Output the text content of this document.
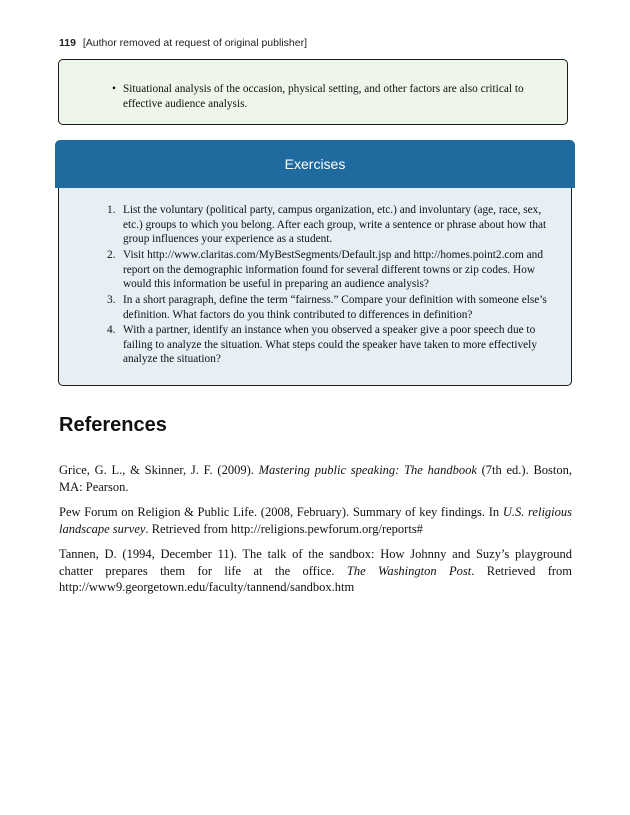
119 [Author removed at request of original publisher]
• Situational analysis of the occasion, physical setting, and other factors are also critical to effective audience analysis.
Exercises
1. List the voluntary (political party, campus organization, etc.) and involuntary (age, race, sex, etc.) groups to which you belong. After each group, write a sentence or phrase about how that group influences your experience as a student.
2. Visit http://www.claritas.com/MyBestSegments/Default.jsp and http://homes.point2.com and report on the demographic information found for several different towns or zip codes. How would this information be useful in preparing an audience analysis?
3. In a short paragraph, define the term “fairness.” Compare your definition with someone else’s definition. What factors do you think contributed to differences in definition?
4. With a partner, identify an instance when you observed a speaker give a poor speech due to failing to analyze the situation. What steps could the speaker have taken to more effectively analyze the situation?
References

Grice, G. L., & Skinner, J. F. (2009). Mastering public speaking: The handbook (7th ed.). Boston, MA: Pearson.

Pew Forum on Religion & Public Life. (2008, February). Summary of key findings. In U.S. religious landscape survey. Retrieved from http://religions.pewforum.org/reports#

Tannen, D. (1994, December 11). The talk of the sandbox: How Johnny and Suzy’s playground chatter prepares them for life at the office. The Washington Post. Retrieved from http://www9.georgetown.edu/faculty/tannend/sandbox.htm
